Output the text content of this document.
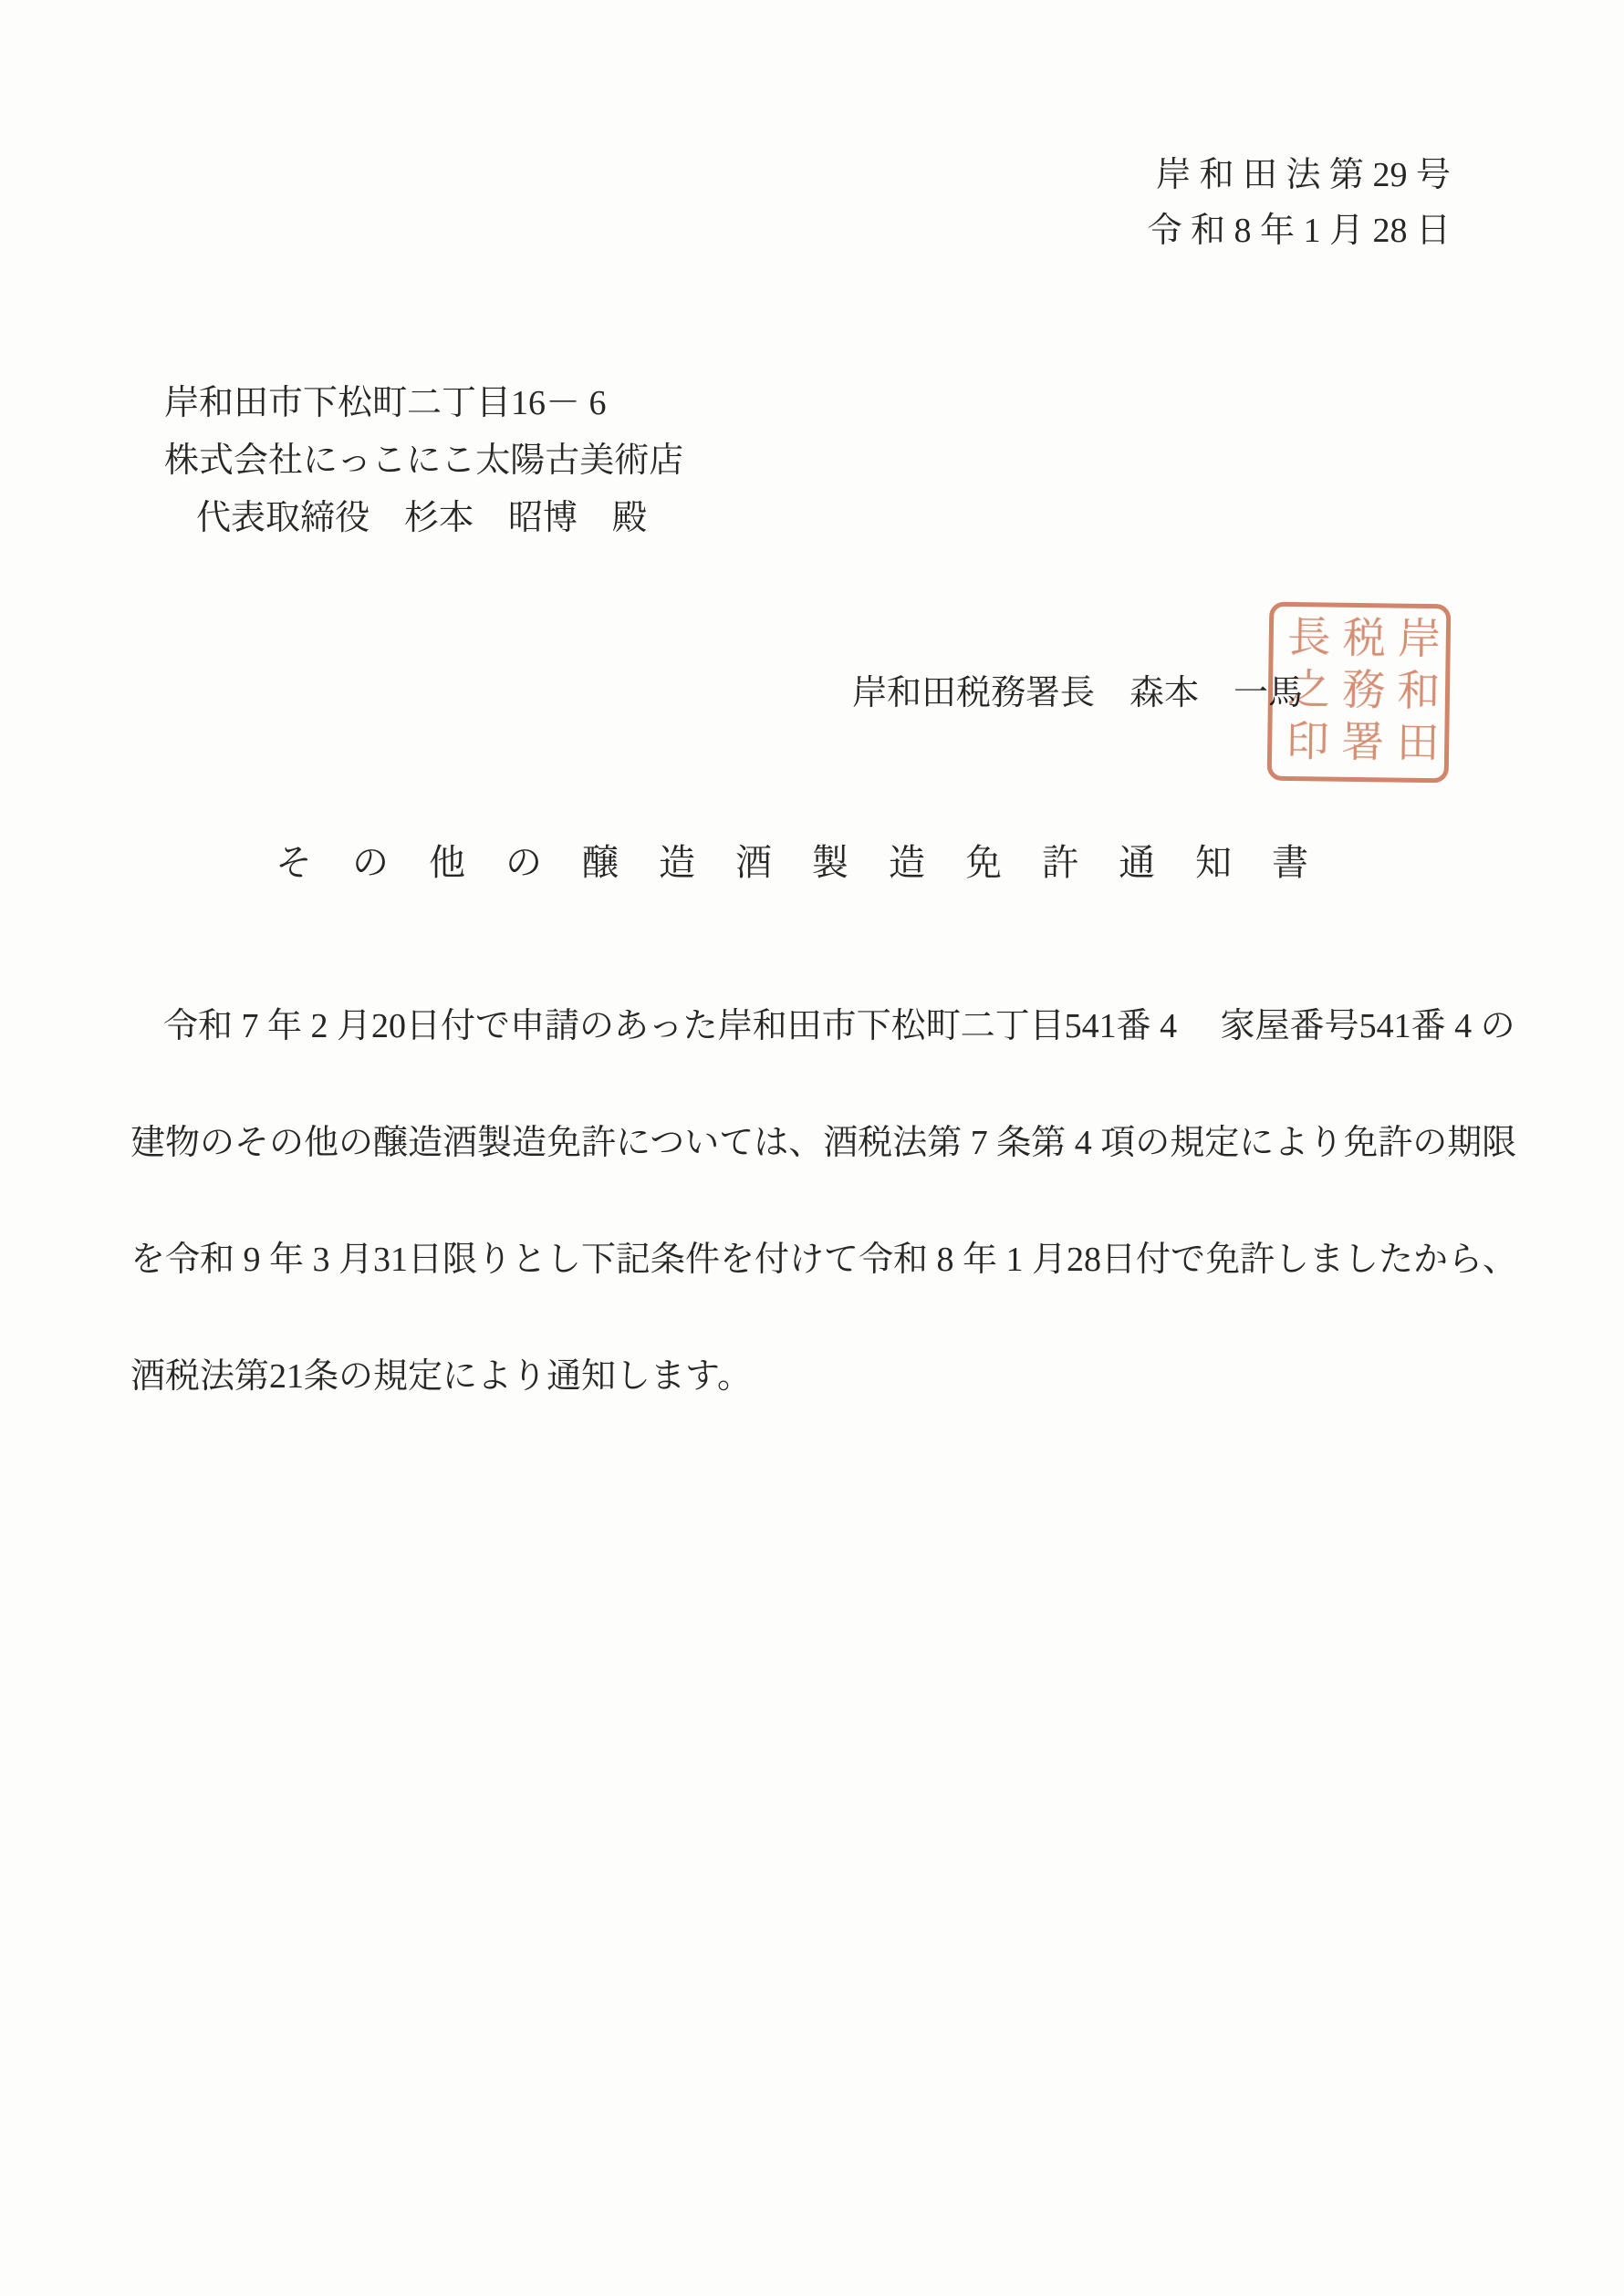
岸 和 田 法 第 29 号
令 和 8 年 1 月 28 日
岸和田市下松町二丁目16－ 6
株式会社にっこにこ太陽古美術店
代表取締役　杉本　昭博　殿
岸和田税務署長　森本　一馬 岸和田
税務署
長之印
その他の醸造酒製造免許通知書

令和 7 年 2 月20日付で申請のあった岸和田市下松町二丁目541番 4 　家屋番号541番 4 の

建物のその他の醸造酒製造免許については、酒税法第 7 条第 4 項の規定により免許の期限

を令和 9 年 3 月31日限りとし下記条件を付けて令和 8 年 1 月28日付で免許しましたから、

酒税法第21条の規定により通知します。
